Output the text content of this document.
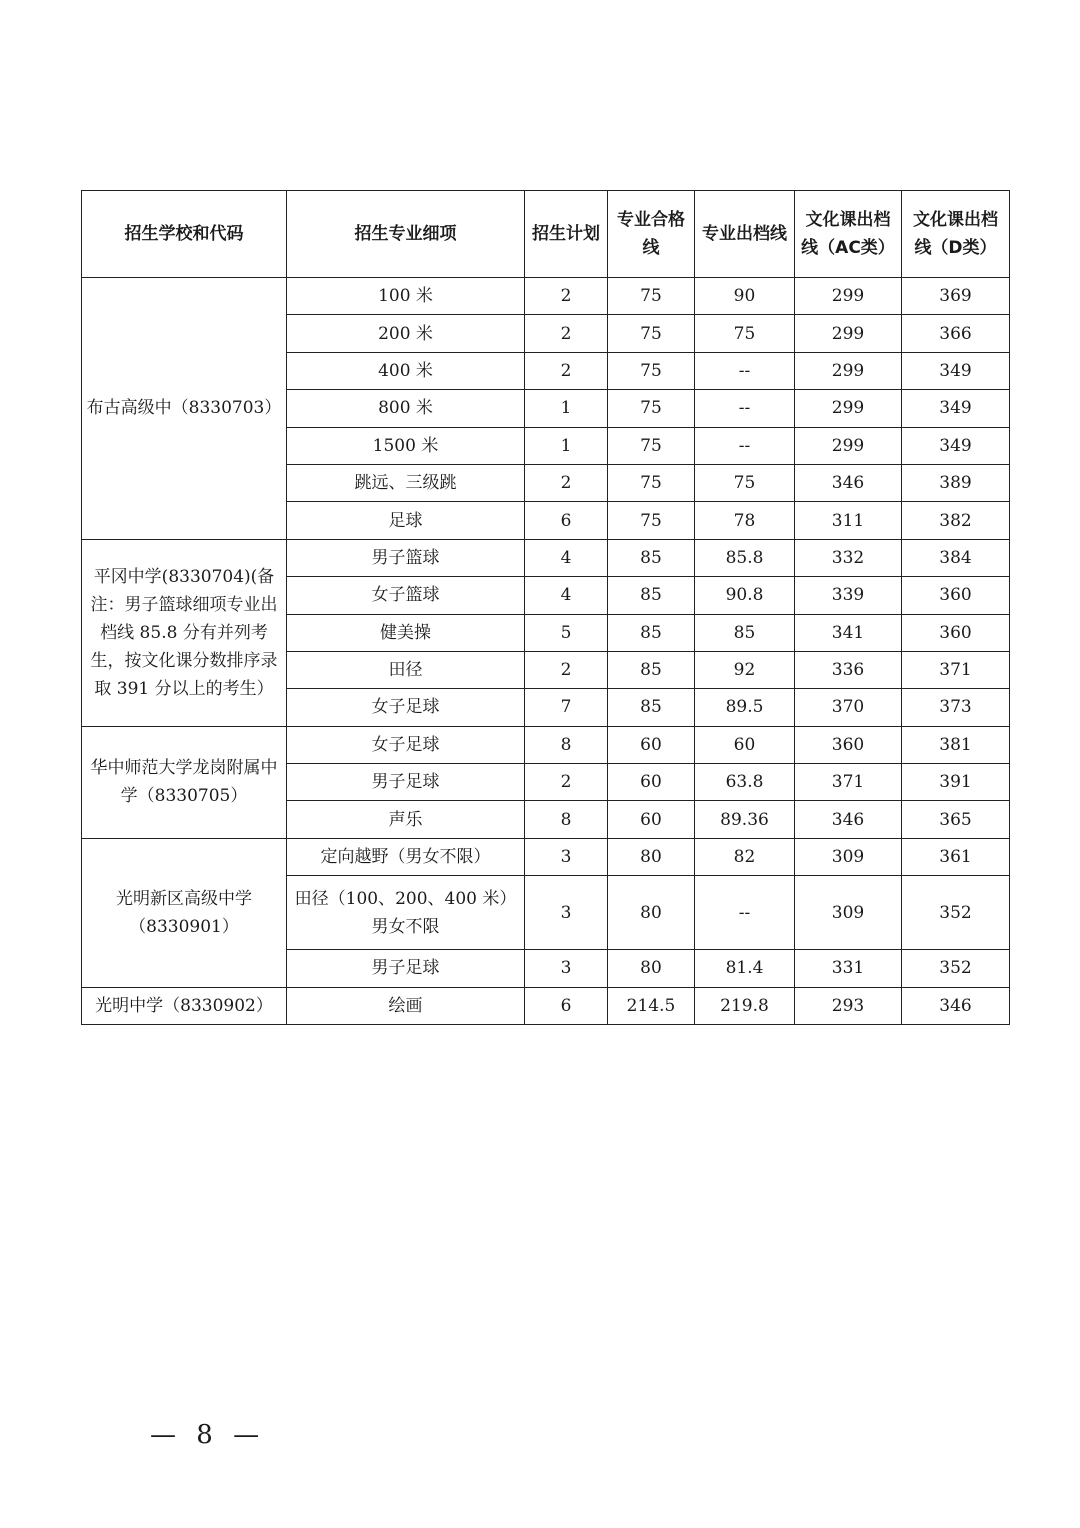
招生学校和代码	招生专业细项	招生计划	专业合格线	专业出档线	文化课出档线（AC类）	文化课出档线（D类）
布古高级中（8330703）	100 米	2	75	90	299	369
	200 米	2	75	75	299	366
	400 米	2	75	--	299	349
	800 米	1	75	--	299	349
	1500 米	1	75	--	299	349
	跳远、三级跳	2	75	75	346	389
	足球	6	75	78	311	382
平冈中学(8330704)(备注：男子篮球细项专业出档线 85.8 分有并列考生，按文化课分数排序录取 391 分以上的考生）	男子篮球	4	85	85.8	332	384
	女子篮球	4	85	90.8	339	360
	健美操	5	85	85	341	360
	田径	2	85	92	336	371
	女子足球	7	85	89.5	370	373
华中师范大学龙岗附属中学（8330705）	女子足球	8	60	60	360	381
	男子足球	2	60	63.8	371	391
	声乐	8	60	89.36	346	365
光明新区高级中学（8330901）	定向越野（男女不限）	3	80	82	309	361
	田径（100、200、400 米）男女不限	3	80	--	309	352
	男子足球	3	80	81.4	331	352
光明中学（8330902）	绘画	6	214.5	219.8	293	346
— 8 —
